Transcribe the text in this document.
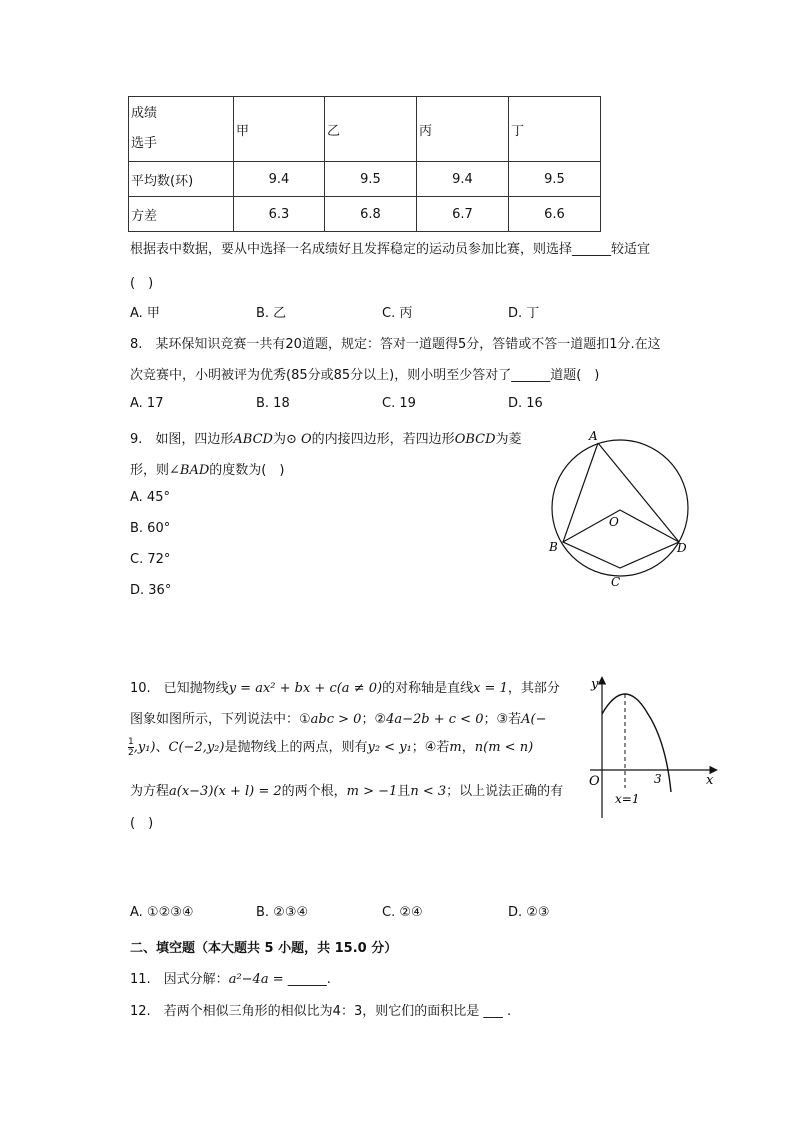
成绩
选手	甲	乙	丙	丁
平均数(环)	9.4	9.5	9.4	9.5
方差	6.3	6.8	6.7	6.6
根据表中数据，要从中选择一名成绩好且发挥稳定的运动员参加比赛，则选择______较适宜
(　)
A. 甲	B. 乙	C. 丙	D. 丁
8.　某环保知识竞赛一共有20道题，规定：答对一道题得5分，答错或不答一道题扣1分.在这
次竞赛中，小明被评为优秀(85分或85分以上)，则小明至少答对了______道题(　)
A. 17	B. 18	C. 19	D. 16
9.　如图，四边形ABCD为⊙ O的内接四边形，若四边形OBCD为菱
形，则∠BAD的度数为(　)
A. 45°
B. 60°
C. 72°
D. 36°
A
O
B
C
D
10.　已知抛物线y = ax² + bx + c(a ≠ 0)的对称轴是直线x = 1，其部分
图象如图所示，下列说法中：①abc > 0；②4a−2b + c < 0；③若A(−
$\frac{1}{2} ,y_1$)、C(−2,y₂)是抛物线上的两点，则有y₂ < y₁；④若m，n(m < n)
为方程a(x−3)(x + l) = 2的两个根，m > −1且n < 3；以上说法正确的有
(　)
y
x
O	3
x=1
A. ①②③④	B. ②③④	C. ②④	D. ②③
二、填空题（本大题共 5 小题，共 15.0 分）
11.　因式分解：a²−4a = ______.
12.　若两个相似三角形的相似比为4：3，则它们的面积比是 ___ .
